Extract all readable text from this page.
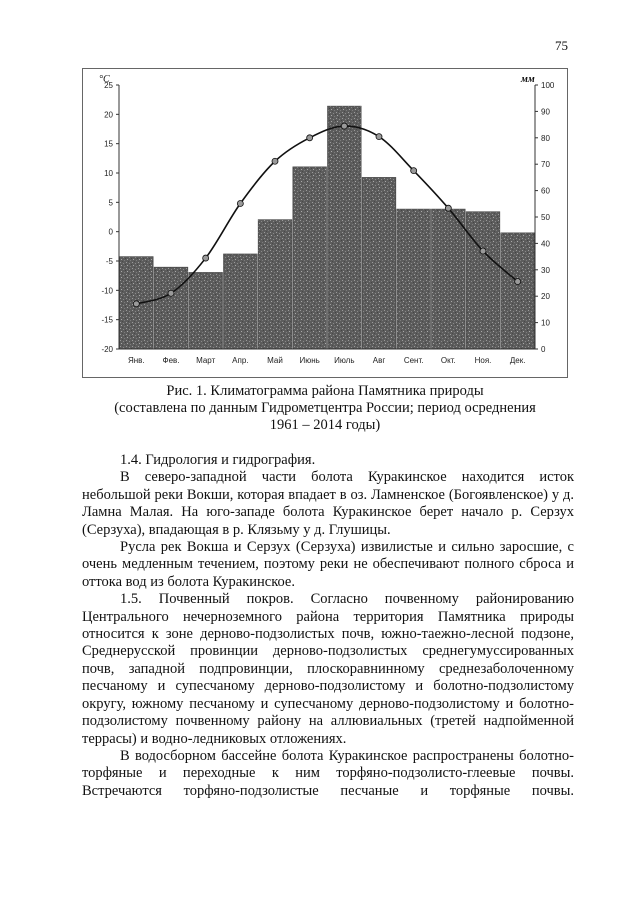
75
-20
-15
-10
-5
0
5
10
15
20
25
0
10
20
30
40
50
60
70
80
90
100
Янв. Фев. Март Апр. Май Июнь Июль Авг Сент. Окт. Ноя. Дек.
°C	мм
Рис. 1. Климатограмма района Памятника природы
(составлена по данным Гидрометцентра России; период осреднения
1961 – 2014 годы)

1.4. Гидрология и гидрография.

В северо-западной части болота Куракинское находится исток небольшой реки Вокши, которая впадает в оз. Ламненское (Богоявленское) у д. Ламна Малая. На юго-западе болота Куракинское берет начало р. Серзух (Серзуха), впадающая в р. Клязьму у д. Глушицы.

Русла рек Вокша и Серзух (Серзуха) извилистые и сильно заросшие, с очень медленным течением, поэтому реки не обеспечивают полного сброса и оттока вод из болота Куракинское.

1.5. Почвенный покров. Согласно почвенному районированию Центрального нечерноземного района территория Памятника природы относится к зоне дерново-подзолистых почв, южно-таежно-лесной подзоне, Среднерусской провинции дерново-подзолистых среднегумуссированных почв, западной подпровинции, плоскоравнинному среднезаболоченному песчаному и супесчаному дерново-подзолистому и болотно-подзолистому округу, южному песчаному и супесчаному дерново-подзолистому и болотно-подзолистому почвенному району на аллювиальных (третей надпойменной террасы) и водно-ледниковых отложениях.

В водосборном бассейне болота Куракинское распространены болотно-торфяные и переходные к ним торфяно-подзолисто-глеевые почвы. Встречаются торфяно-подзолистые песчаные и торфяные почвы.
